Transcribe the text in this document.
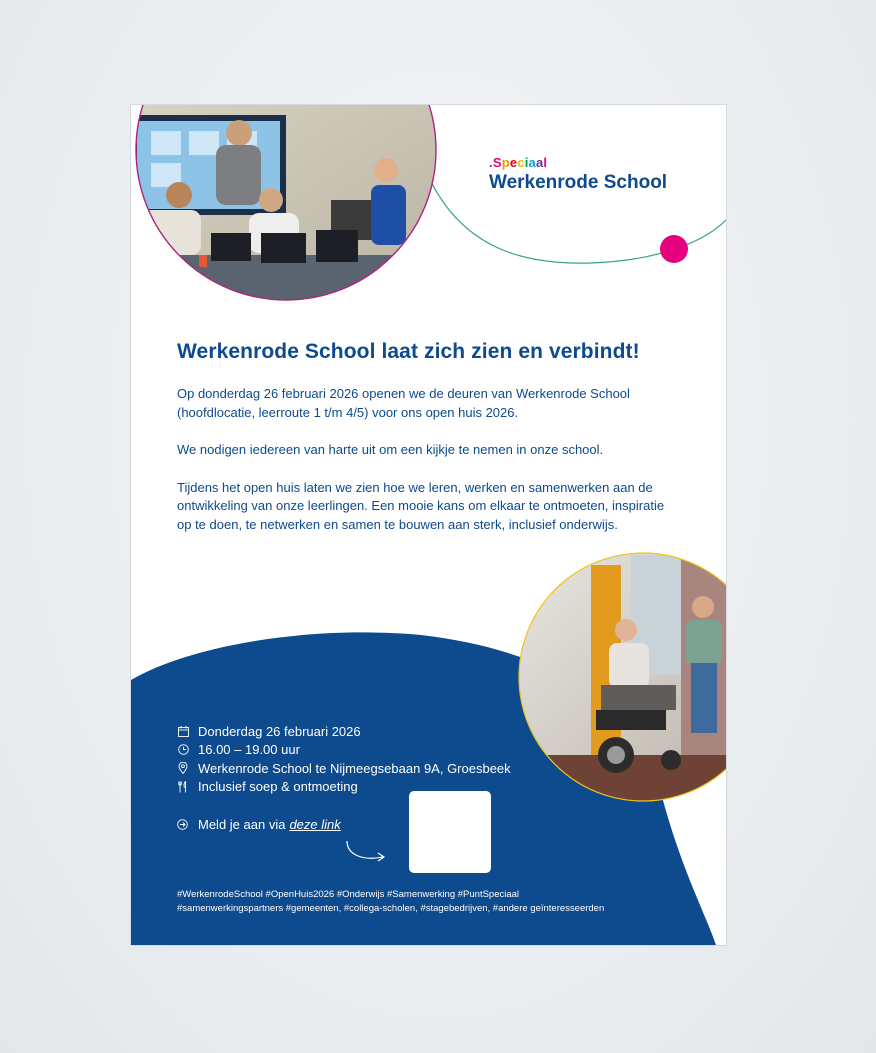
.Speciaal
Werkenrode School
Werkenrode School laat zich zien en verbindt!

Op donderdag 26 februari 2026 openen we de deuren van Werkenrode School (hoofdlocatie, leerroute 1 t/m 4/5) voor ons open huis 2026.

We nodigen iedereen van harte uit om een kijkje te nemen in onze school.

Tijdens het open huis laten we zien hoe we leren, werken en samenwerken aan de ontwikkeling van onze leerlingen. Een mooie kans om elkaar te ontmoeten, inspiratie op te doen, te netwerken en samen te bouwen aan sterk, inclusief onderwijs.

Donderdag 26 februari 2026
16.00 – 19.00 uur
Werkenrode School te Nijmeegsebaan 9A, Groesbeek
Inclusief soep & ontmoeting
Meld je aan via deze link
#WerkenrodeSchool #OpenHuis2026 #Onderwijs #Samenwerking #PuntSpeciaal
#samenwerkingspartners #gemeenten, #collega-scholen, #stagebedrijven, #andere geïnteresseerden
